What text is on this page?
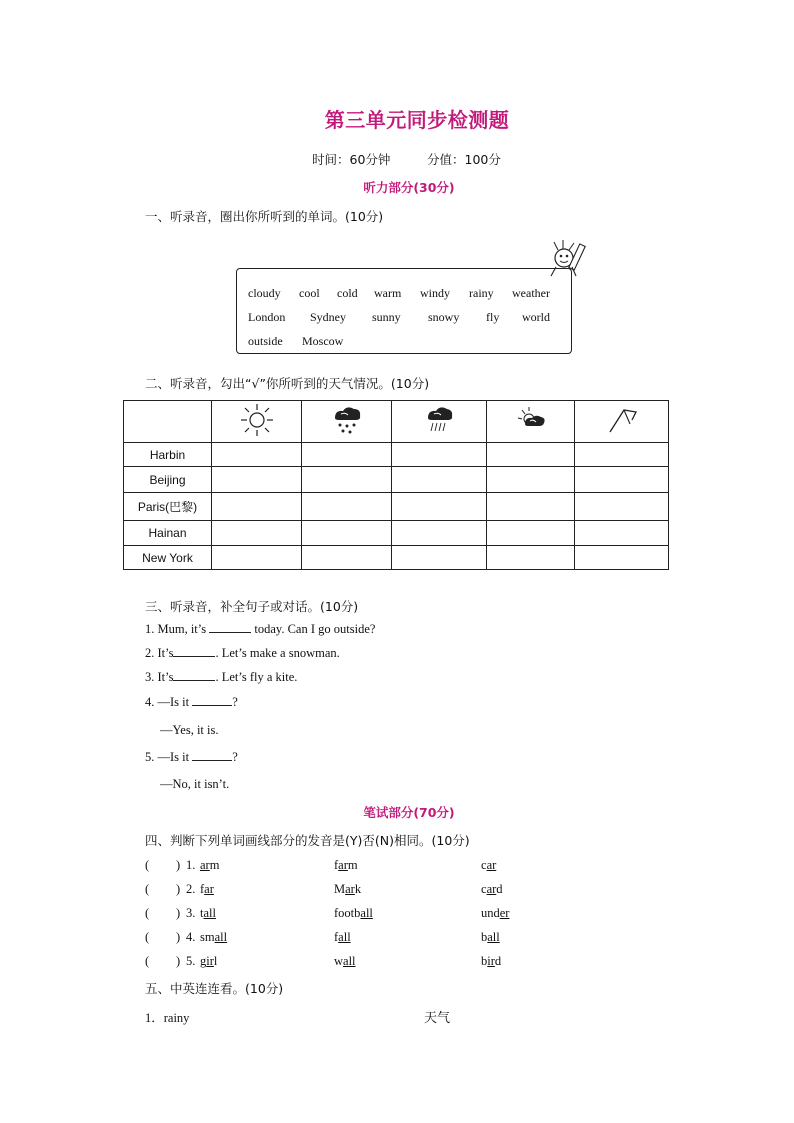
第三单元同步检测题
时间：60分钟	分值：100分
听力部分(30分)
一、听录音，圈出你所听到的单词。(10分)
cloudy cool cold warm windy rainy weather
London Sydney sunny snowy fly world
outside Moscow
二、听录音，勾出“√”你所听到的天气情况。(10分)

Harbin					
Beijing					
Paris(巴黎)					
Hainan					
New York					
三、听录音，补全句子或对话。(10分)
1. Mum, it’s	today. Can I go outside?
2. It’s	. Let’s make a snowman.
3. It’s	. Let’s fly a kite.
4. —Is it	?
—Yes, it is.
5. —Is it	?
—No, it isn’t.
笔试部分(70分)
四、判断下列单词画线部分的发音是(Y)否(N)相同。(10分)
( ) 1. arm	farm	car
( ) 2. far	Mark	card
( ) 3. tall	football	under
( ) 4. small	fall	ball
( ) 5. girl	wall	bird
五、中英连连看。(10分)
1．rainy	天气
